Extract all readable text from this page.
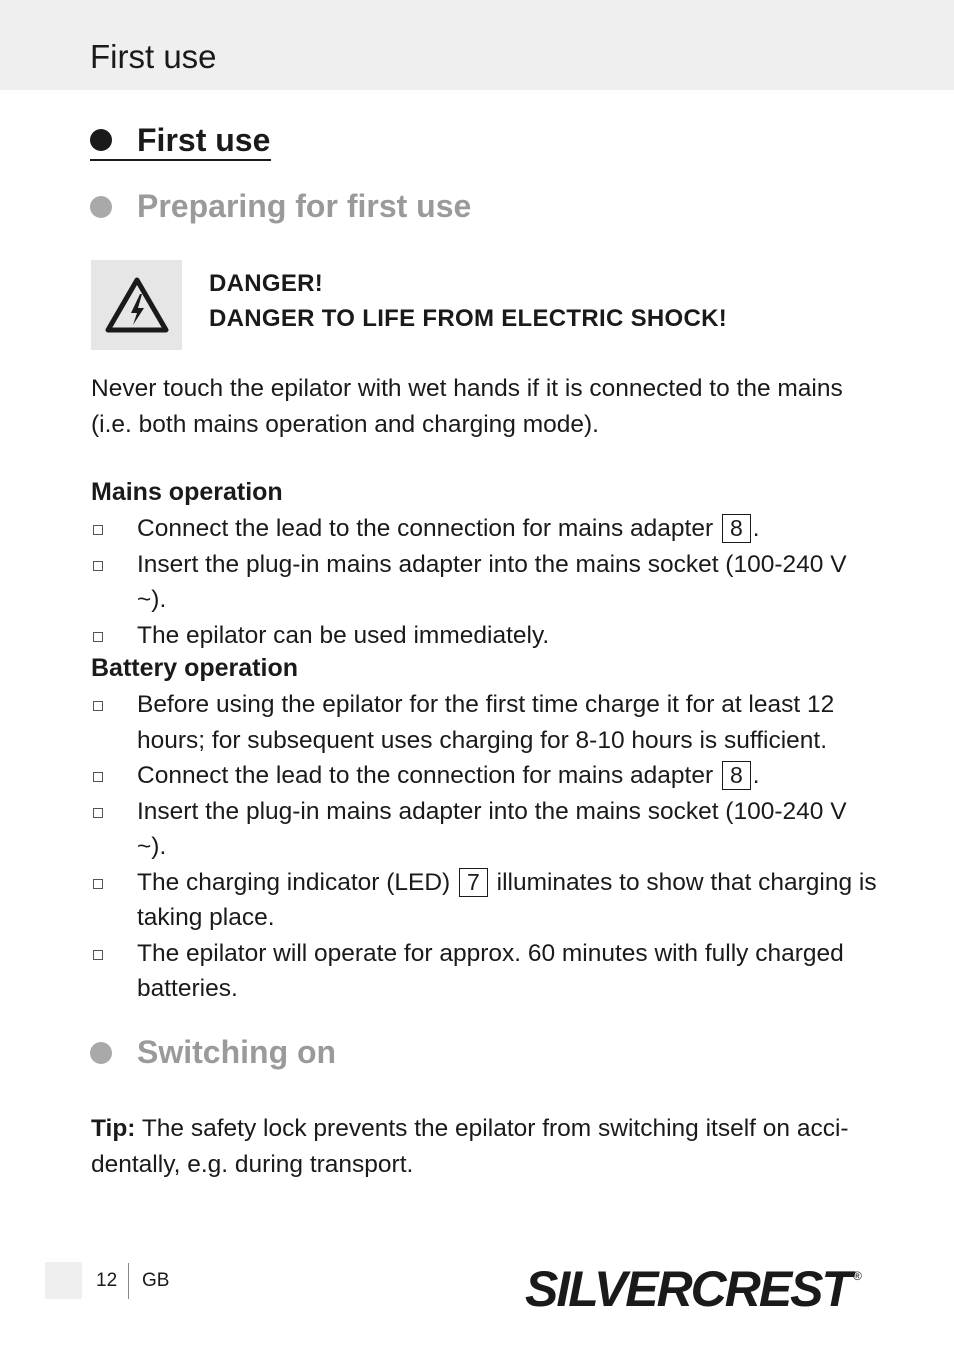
First use
First use
Preparing for first use
DANGER!
DANGER TO LIFE FROM ELECTRIC SHOCK!
Never touch the epilator with wet hands if it is connected to the mains (i.e. both mains operation and charging mode).
Mains operation
Connect the lead to the connection for mains adapter 8 .
Insert the plug-in mains adapter into the mains socket (100-240 V ~).
The epilator can be used immediately.
Battery operation
Before using the epilator for the first time charge it for at least 12 hours; for subsequent uses charging for 8-10 hours is sufficient.
Connect the lead to the connection for mains adapter 8 .
Insert the plug-in mains adapter into the mains socket (100-240 V ~).
The charging indicator (LED) 7 illuminates to show that charging is taking place.
The epilator will operate for approx. 60 minutes with fully charged batteries.
Switching on
Tip: The safety lock prevents the epilator from switching itself on acci-dentally, e.g. during transport.
12 GB	SILVERCREST
®
